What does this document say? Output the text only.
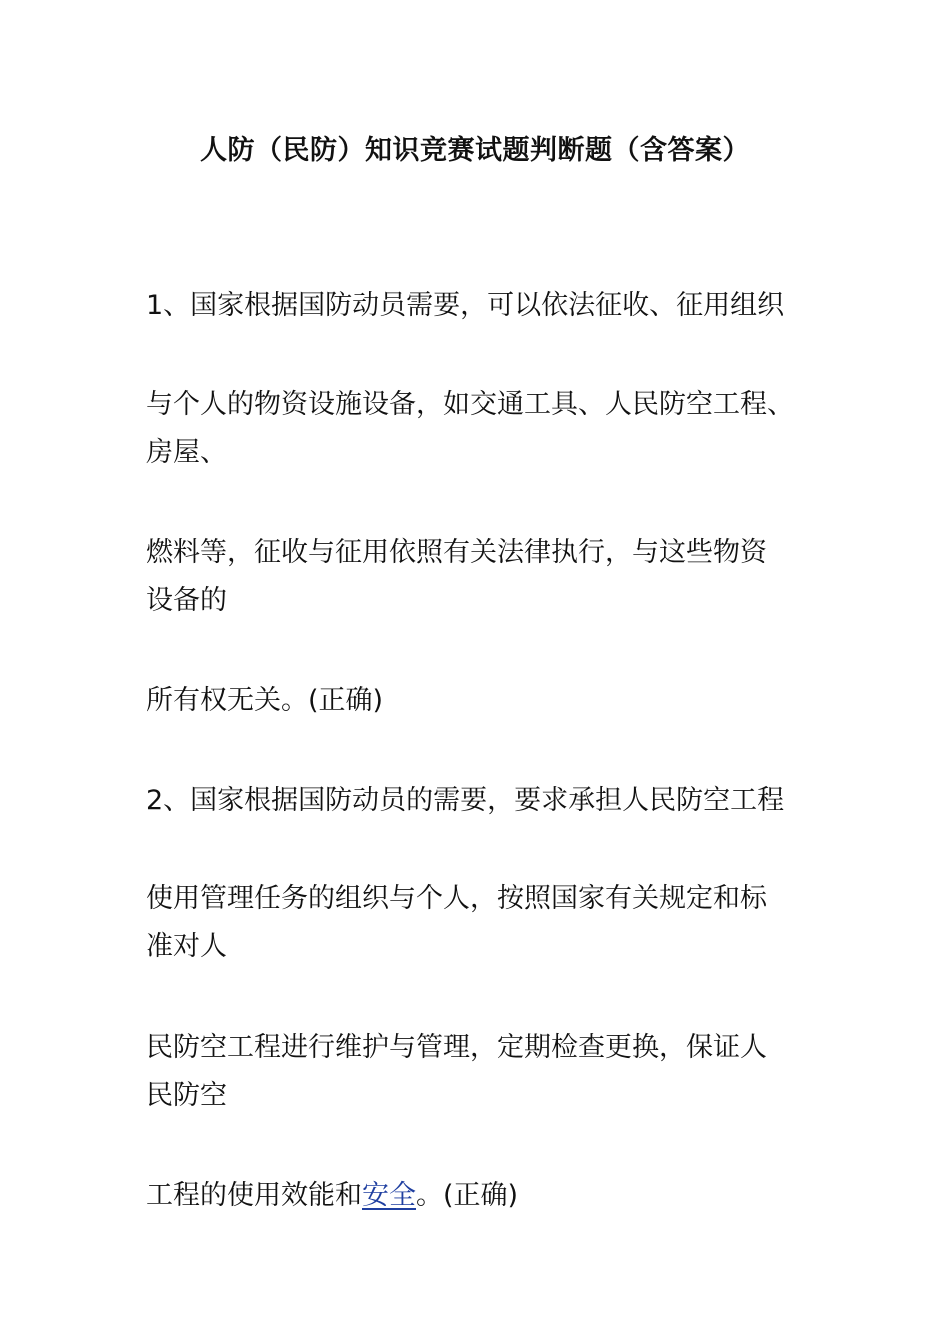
人防（民防）知识竞赛试题判断题（含答案）

1、国家根据国防动员需要，可以依法征收、征用组织

与个人的物资设施设备，如交通工具、人民防空工程、
房屋、

燃料等，征收与征用依照有关法律执行，与这些物资
设备的

所有权无关。(正确)

2、国家根据国防动员的需要，要求承担人民防空工程

使用管理任务的组织与个人，按照国家有关规定和标
准对人

民防空工程进行维护与管理，定期检查更换，保证人
民防空

工程的使用效能和安全。(正确)
